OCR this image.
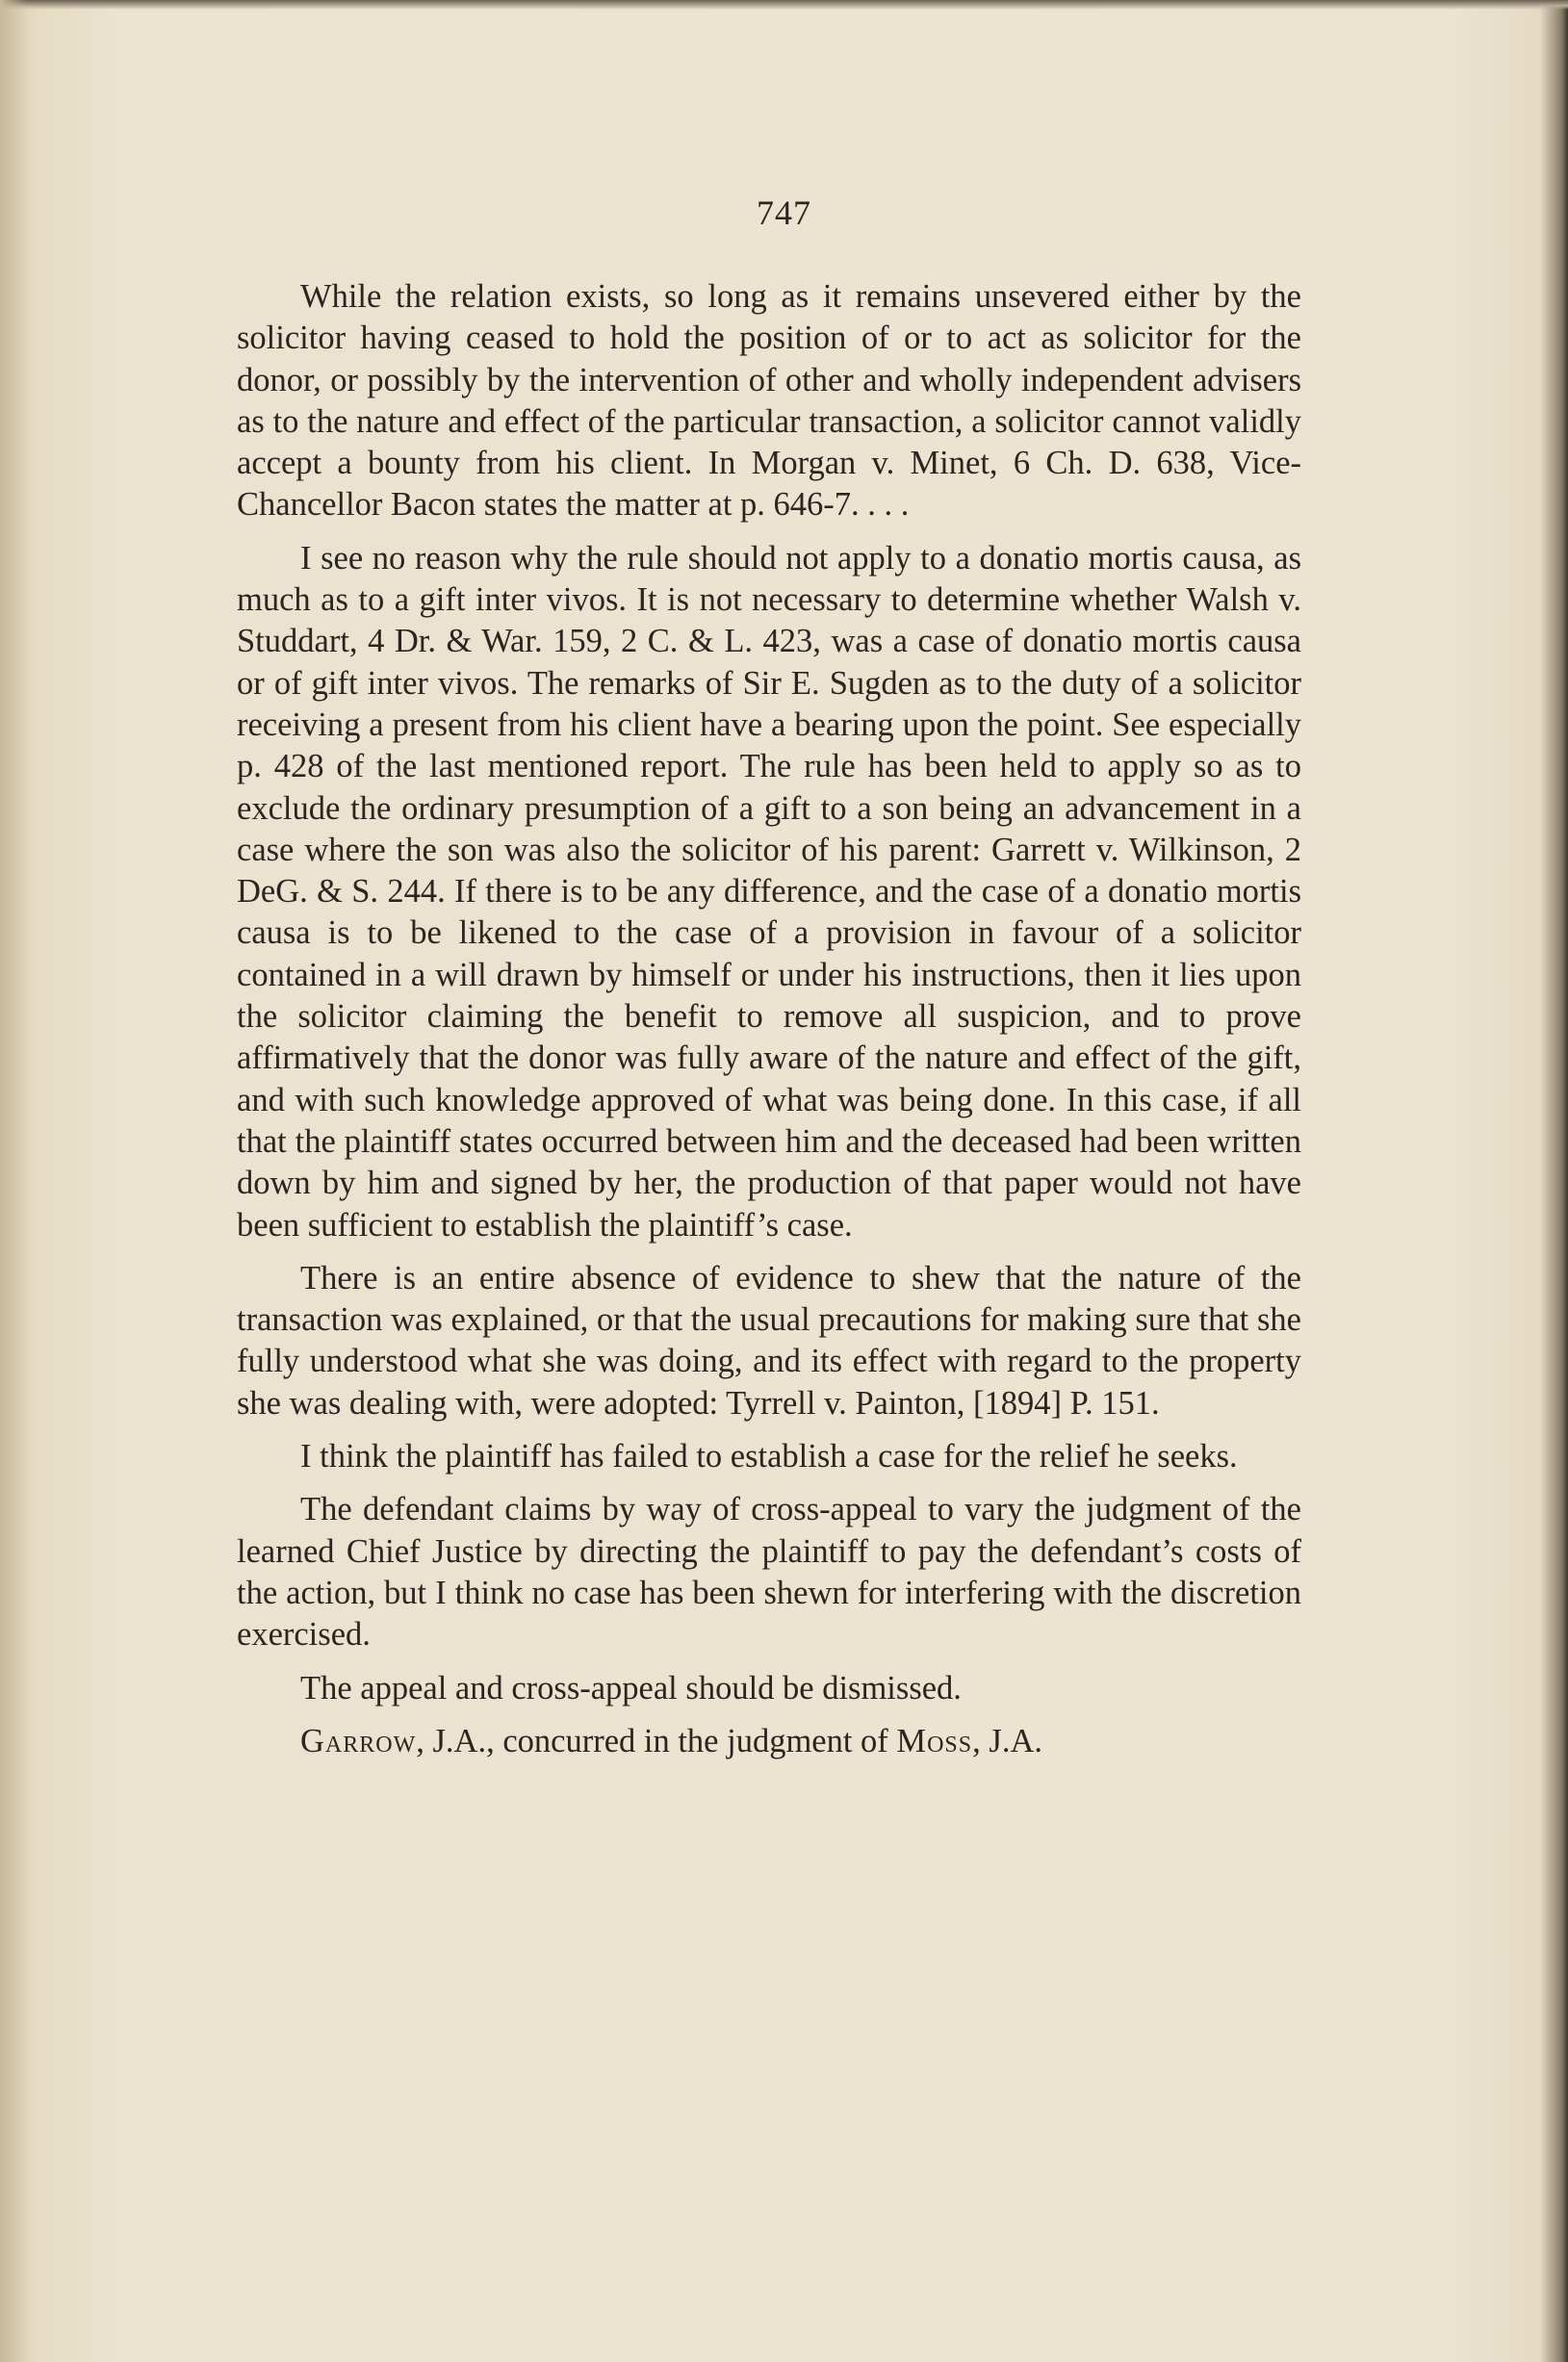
747

While the relation exists, so long as it remains unsevered either by the solicitor having ceased to hold the position of or to act as solicitor for the donor, or possibly by the intervention of other and wholly independent advisers as to the nature and effect of the particular transaction, a solicitor cannot validly accept a bounty from his client. In Morgan v. Minet, 6 Ch. D. 638, Vice-Chancellor Bacon states the matter at p. 646-7. . . .

I see no reason why the rule should not apply to a donatio mortis causa, as much as to a gift inter vivos. It is not necessary to determine whether Walsh v. Studdart, 4 Dr. & War. 159, 2 C. & L. 423, was a case of donatio mortis causa or of gift inter vivos. The remarks of Sir E. Sugden as to the duty of a solicitor receiving a present from his client have a bearing upon the point. See especially p. 428 of the last mentioned report. The rule has been held to apply so as to exclude the ordinary presumption of a gift to a son being an advancement in a case where the son was also the solicitor of his parent: Garrett v. Wilkinson, 2 DeG. & S. 244. If there is to be any difference, and the case of a donatio mortis causa is to be likened to the case of a provision in favour of a solicitor contained in a will drawn by himself or under his instructions, then it lies upon the solicitor claiming the benefit to remove all suspicion, and to prove affirmatively that the donor was fully aware of the nature and effect of the gift, and with such knowledge approved of what was being done. In this case, if all that the plaintiff states occurred between him and the deceased had been written down by him and signed by her, the production of that paper would not have been sufficient to establish the plaintiff’s case.

There is an entire absence of evidence to shew that the nature of the transaction was explained, or that the usual precautions for making sure that she fully understood what she was doing, and its effect with regard to the property she was dealing with, were adopted: Tyrrell v. Painton, [1894] P. 151.

I think the plaintiff has failed to establish a case for the relief he seeks.

The defendant claims by way of cross-appeal to vary the judgment of the learned Chief Justice by directing the plaintiff to pay the defendant’s costs of the action, but I think no case has been shewn for interfering with the discretion exercised.

The appeal and cross-appeal should be dismissed.

Garrow, J.A., concurred in the judgment of Moss, J.A.
